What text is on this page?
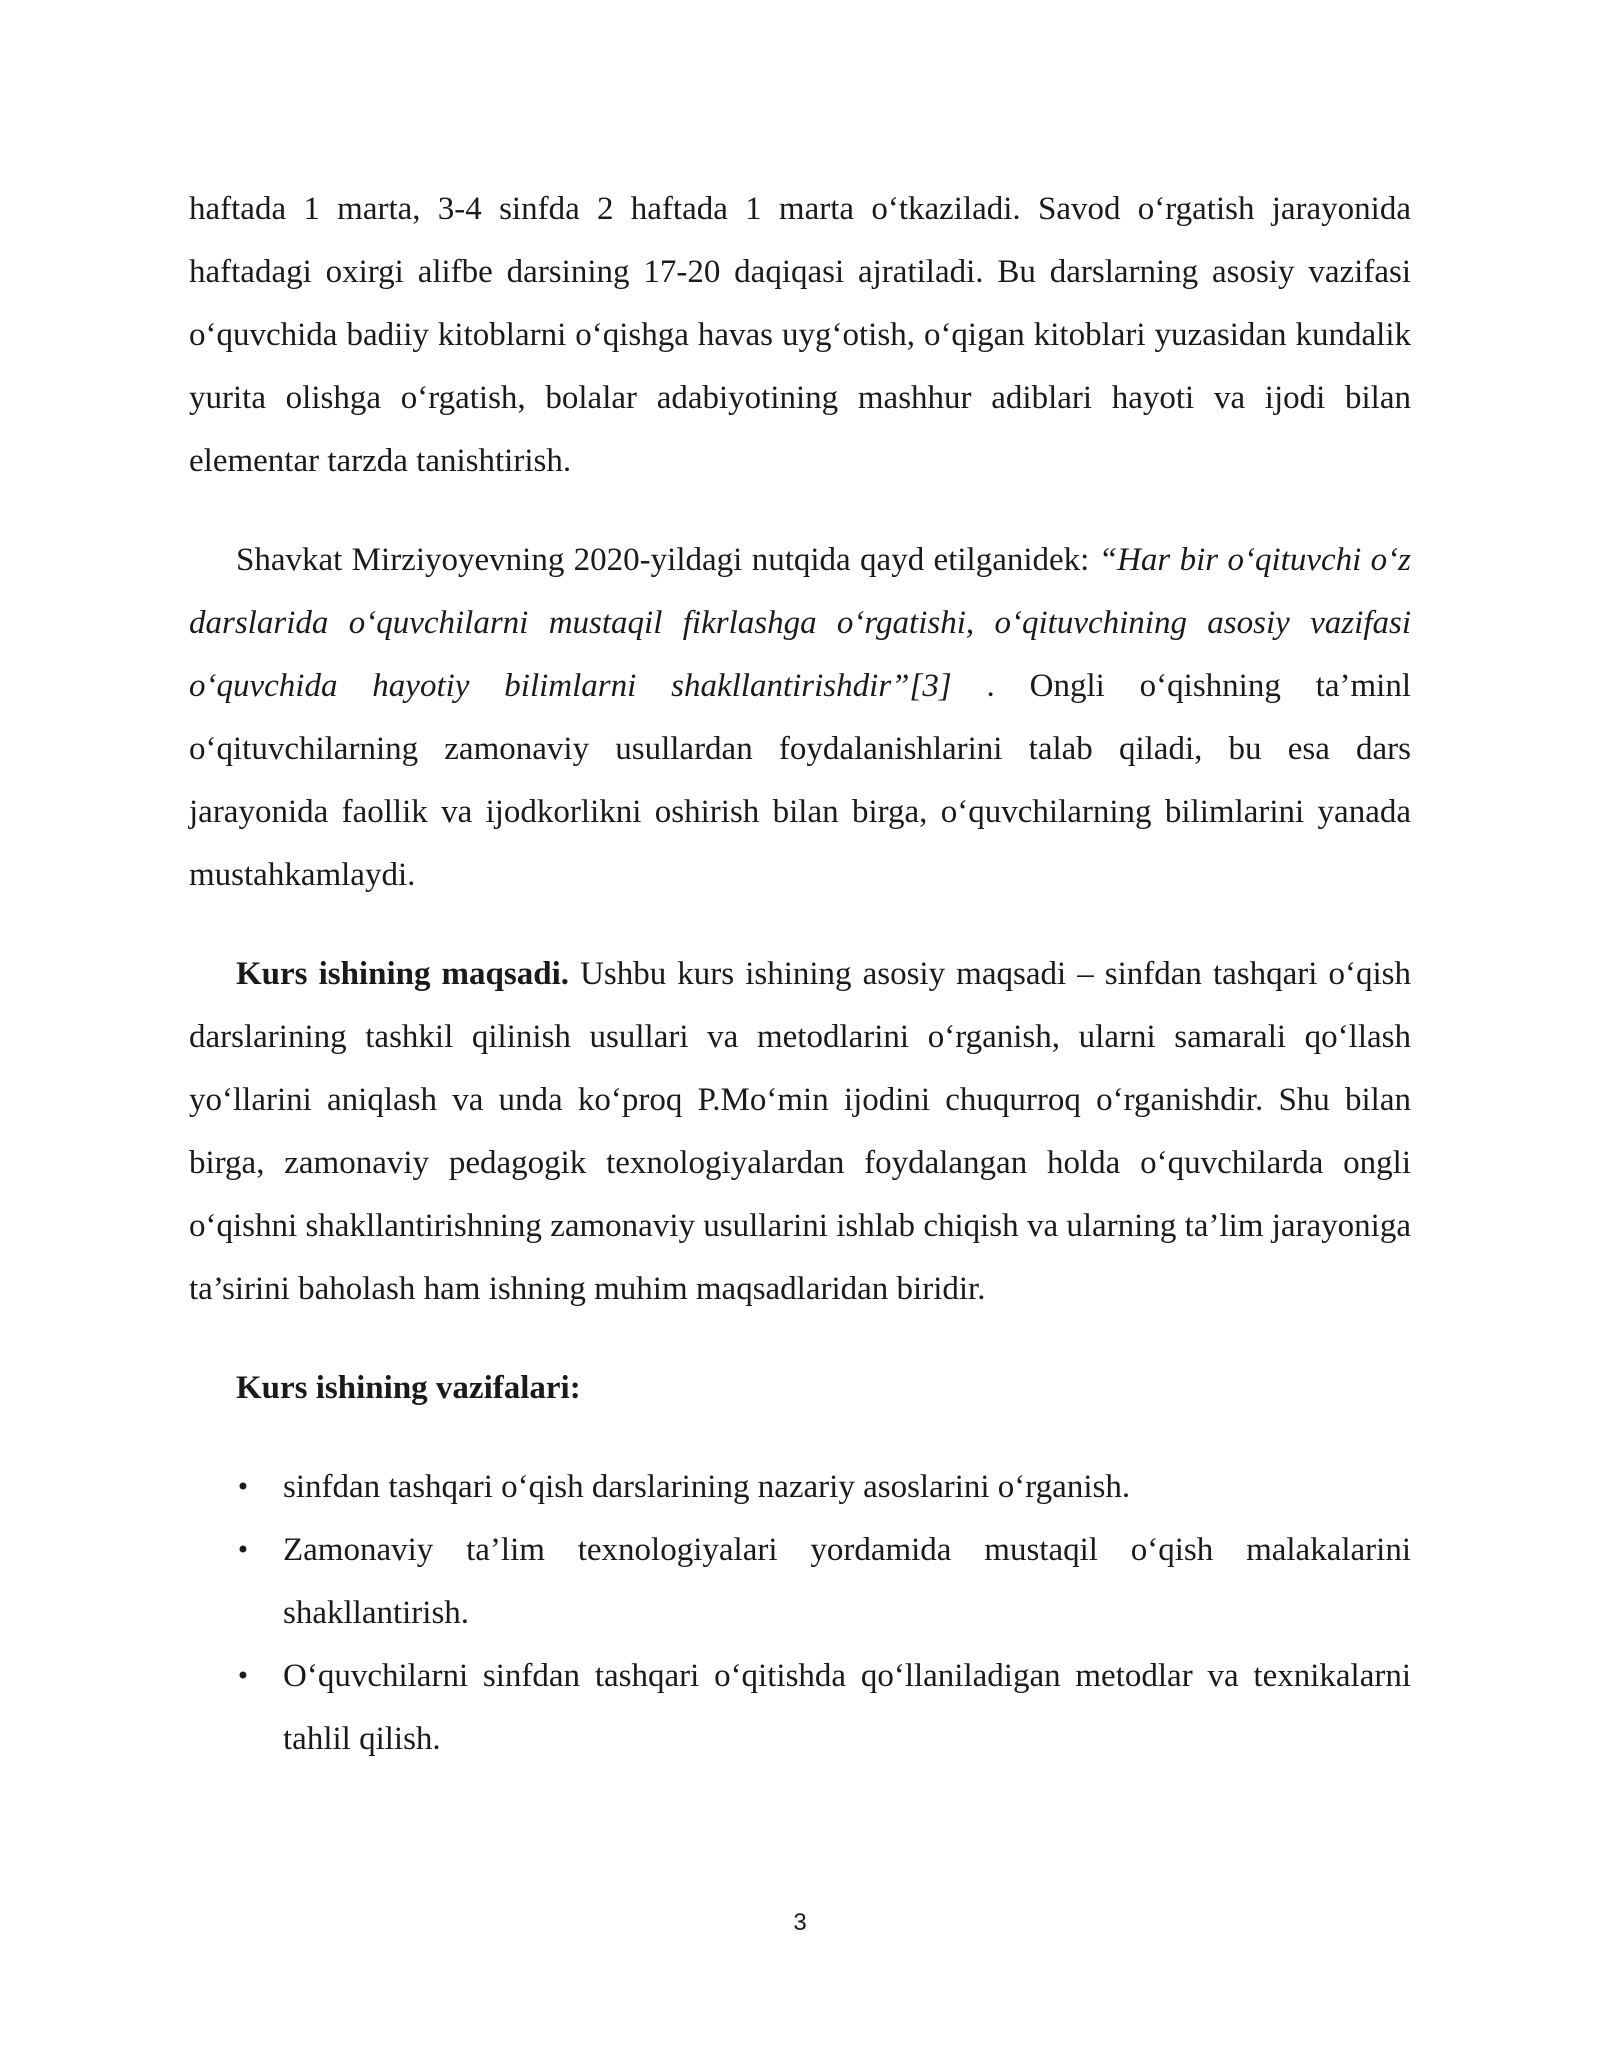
haftada 1 marta, 3-4 sinfda 2 haftada 1 marta oʻtkaziladi. Savod oʻrgatish jarayonida haftadagi oxirgi alifbe darsining 17-20 daqiqasi ajratiladi. Bu darslarning asosiy vazifasi oʻquvchida badiiy kitoblarni oʻqishga havas uygʻotish, oʻqigan kitoblari yuzasidan kundalik yurita olishga oʻrgatish, bolalar adabiyotining mashhur adiblari hayoti va ijodi bilan elementar tarzda tanishtirish.

Shavkat Mirziyoyevning 2020-yildagi nutqida qayd etilganidek: “Har bir oʻqituvchi oʻz darslarida oʻquvchilarni mustaqil fikrlashga oʻrgatishi, oʻqituvchining asosiy vazifasi oʻquvchida hayotiy bilimlarni shakllantirishdir”[3] . Ongli oʻqishning ta’minl oʻqituvchilarning zamonaviy usullardan foydalanishlarini talab qiladi, bu esa dars jarayonida faollik va ijodkorlikni oshirish bilan birga, oʻquvchilarning bilimlarini yanada mustahkamlaydi.

Kurs ishining maqsadi. Ushbu kurs ishining asosiy maqsadi – sinfdan tashqari oʻqish darslarining tashkil qilinish usullari va metodlarini oʻrganish, ularni samarali qoʻllash yoʻllarini aniqlash va unda koʻproq P.Moʻmin ijodini chuqurroq oʻrganishdir. Shu bilan birga, zamonaviy pedagogik texnologiyalardan foydalangan holda oʻquvchilarda ongli oʻqishni shakllantirishning zamonaviy usullarini ishlab chiqish va ularning ta’lim jarayoniga ta’sirini baholash ham ishning muhim maqsadlaridan biridir.

Kurs ishining vazifalari:
• sinfdan tashqari oʻqish darslarining nazariy asoslarini oʻrganish.
• Zamonaviy ta’lim texnologiyalari yordamida mustaqil oʻqish malakalarini shakllantirish.
• Oʻquvchilarni sinfdan tashqari oʻqitishda qoʻllaniladigan metodlar va texnikalarni tahlil qilish.
3
